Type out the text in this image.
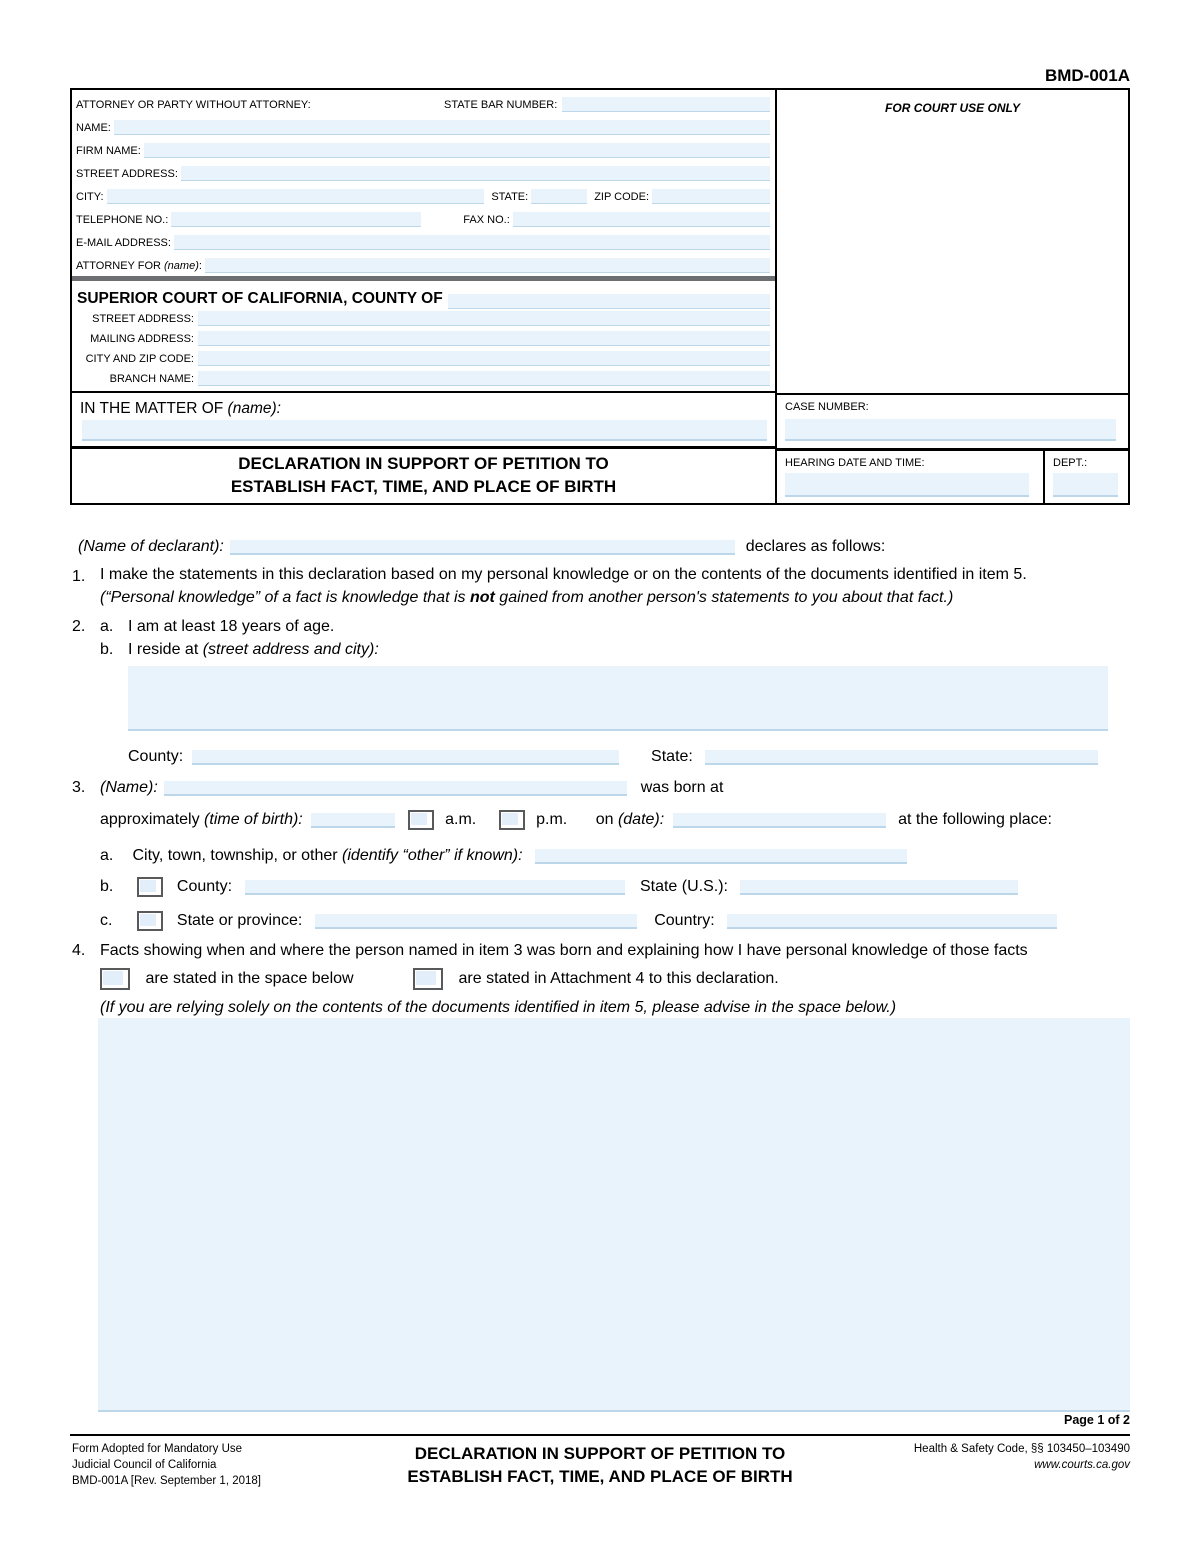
BMD-001A
ATTORNEY OR PARTY WITHOUT ATTORNEY:	STATE BAR NUMBER:
NAME:
FIRM NAME:
STREET ADDRESS:
CITY:	STATE:	ZIP CODE:
TELEPHONE NO.:	FAX NO.:
E-MAIL ADDRESS:
ATTORNEY FOR (name):
SUPERIOR COURT OF CALIFORNIA, COUNTY OF
STREET ADDRESS:
MAILING ADDRESS:
CITY AND ZIP CODE:
BRANCH NAME:
IN THE MATTER OF (name):
DECLARATION IN SUPPORT OF PETITION TO
ESTABLISH FACT, TIME, AND PLACE OF BIRTH
FOR COURT USE ONLY
CASE NUMBER:
HEARING DATE AND TIME:	DEPT.:
(Name of declarant):	declares as follows:
1. I make the statements in this declaration based on my personal knowledge or on the contents of the documents identified in item 5.
(“Personal knowledge” of a fact is knowledge that is not gained from another person's statements to you about that fact.)
2. a. I am at least 18 years of age.
b. I reside at (street address and city):
County:	State:
3. (Name):	was born at
approximately (time of birth):	a.m.	p.m. on (date):	at the following place:
a. City, town, township, or other (identify “other” if known):
b.	County:	State (U.S.):
c.	State or province:	Country:
4. Facts showing when and where the person named in item 3 was born and explaining how I have personal knowledge of those facts
are stated in the space below	are stated in Attachment 4 to this declaration.
(If you are relying solely on the contents of the documents identified in item 5, please advise in the space below.)
Page 1 of 2
Form Adopted for Mandatory Use
Judicial Council of California
BMD-001A [Rev. September 1, 2018]
DECLARATION IN SUPPORT OF PETITION TO
ESTABLISH FACT, TIME, AND PLACE OF BIRTH
Health & Safety Code, §§ 103450–103490
www.courts.ca.gov
